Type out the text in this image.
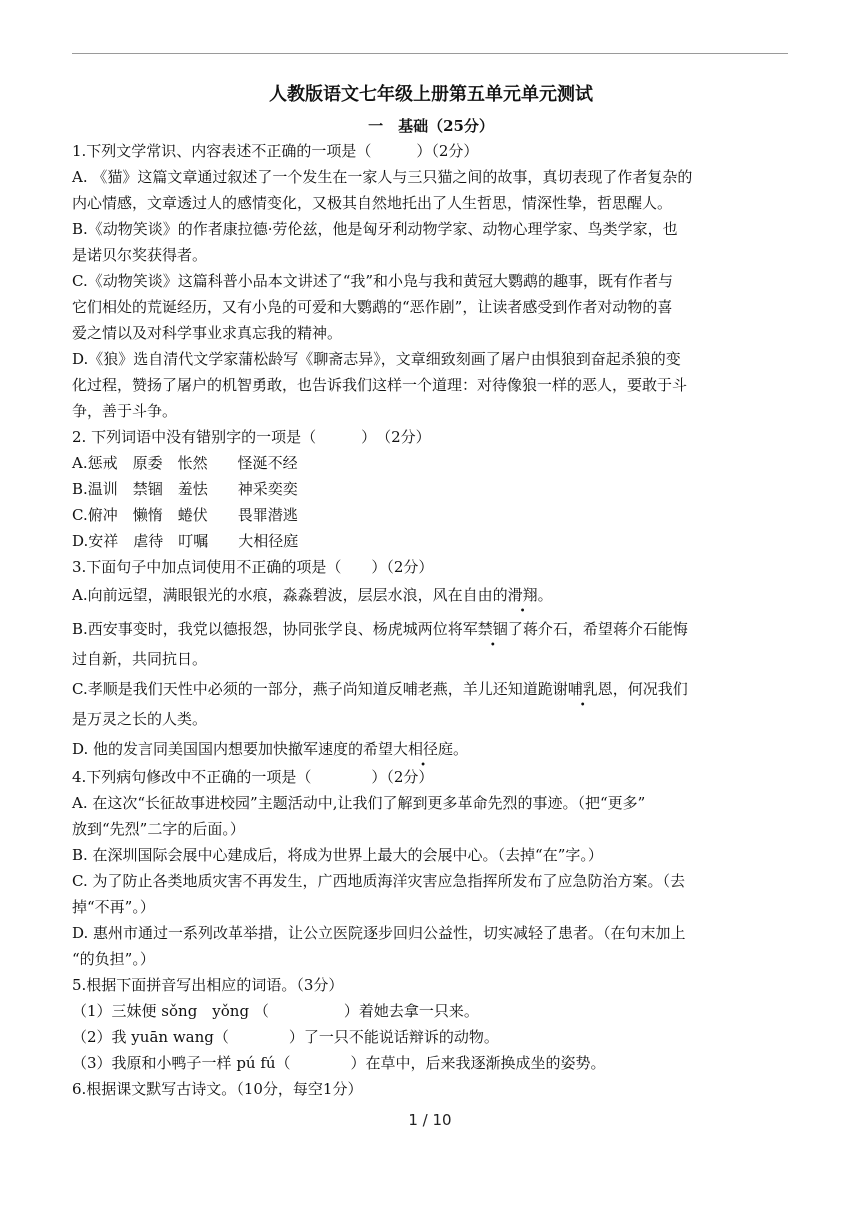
人教版语文七年级上册第五单元单元测试
一　基础（25分）
1.下列文学常识、内容表述不正确的一项是（　　　）（2分）
A. 《猫》这篇文章通过叙述了一个发生在一家人与三只猫之间的故事，真切表现了作者复杂的
内心情感，文章透过人的感情变化，又极其自然地托出了人生哲思，情深性挚，哲思醒人。
B.《动物笑谈》的作者康拉德·劳伦兹，他是匈牙利动物学家、动物心理学家、鸟类学家，也
是诺贝尔奖获得者。
C.《动物笑谈》这篇科普小品本文讲述了“我”和小凫与我和黄冠大鹦鹉的趣事，既有作者与
它们相处的荒诞经历，又有小凫的可爱和大鹦鹉的“恶作剧”，让读者感受到作者对动物的喜
爱之情以及对科学事业求真忘我的精神。
D.《狼》选自清代文学家蒲松龄写《聊斋志异》，文章细致刻画了屠户由惧狼到奋起杀狼的变
化过程，赞扬了屠户的机智勇敢，也告诉我们这样一个道理：对待像狼一样的恶人，要敢于斗
争，善于斗争。
2. 下列词语中没有错别字的一项是（　　　）　（2分）
A.惩戒　原委　怅然　　怪涎不经
B.温训　禁锢　羞怯　　神采奕奕
C.俯冲　懒惰　蜷伏　　畏罪潜逃
D.安祥　虐待　叮嘱　　大相径庭
3.下面句子中加点词使用不正确的项是（　　）（2分）
A.向前远望，满眼银光的水痕，淼淼碧波，层层水浪，风在自由的滑翔。
B.西安事变时，我党以德报怨，协同张学良、杨虎城两位将军禁锢了蒋介石，希望蒋介石能悔
过自新，共同抗日。
C.孝顺是我们天性中必须的一部分，燕子尚知道反哺老燕，羊儿还知道跪谢哺乳恩，何况我们
是万灵之长的人类。
D. 他的发言同美国国内想要加快撤军速度的希望大相径庭。
4.下列病句修改中不正确的一项是（　　　　）（2分）
A. 在这次“长征故事进校园”主题活动中,让我们了解到更多革命先烈的事迹。（把“更多”
放到“先烈”二字的后面。）
B. 在深圳国际会展中心建成后，将成为世界上最大的会展中心。（去掉“在”字。）
C. 为了防止各类地质灾害不再发生，广西地质海洋灾害应急指挥所发布了应急防治方案。（去
掉“不再”。）
D. 惠州市通过一系列改革举措，让公立医院逐步回归公益性，切实减轻了患者。（在句末加上
“的负担”。）
5.根据下面拼音写出相应的词语。（3分）
（1）三妹便 sǒng　yǒng （　　　　　）着她去拿一只来。
（2）我 yuān wang（　　　　）了一只不能说话辩诉的动物。
（3）我原和小鸭子一样 pú fú（　　　　）在草中，后来我逐渐换成坐的姿势。
6.根据课文默写古诗文。（10分，每空1分）
1 / 10
